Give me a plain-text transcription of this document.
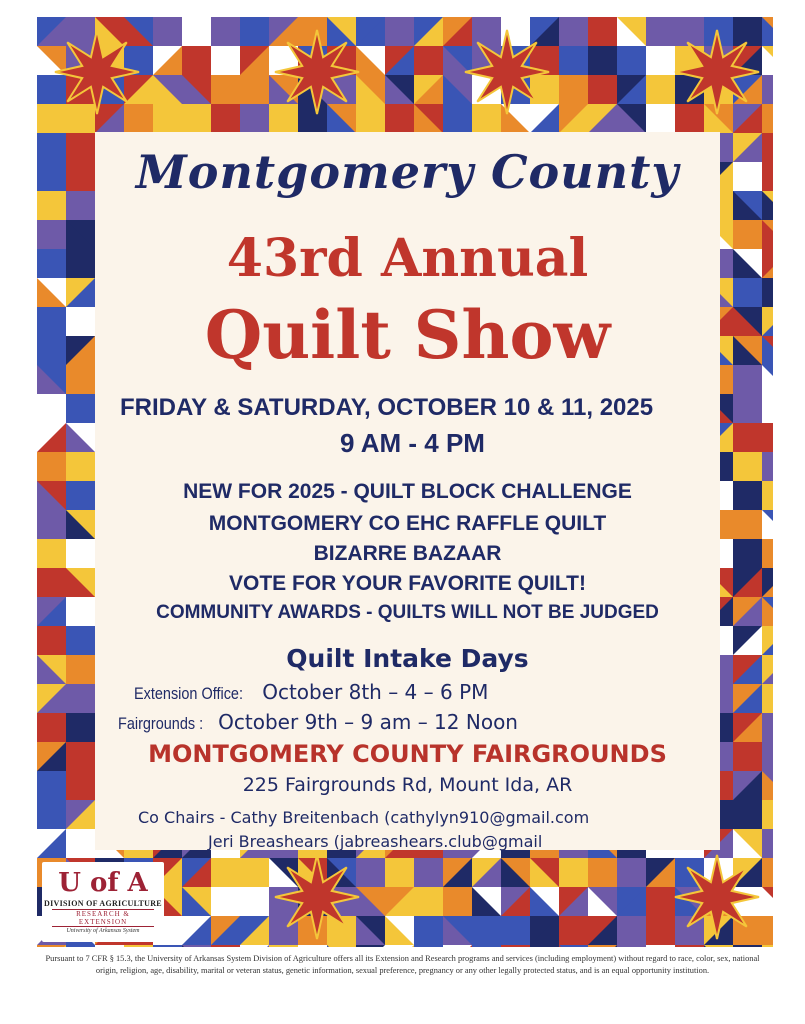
Montgomery County
43rd Annual
Quilt Show

FRIDAY & SATURDAY, OCTOBER 10 & 11, 2025

9 AM - 4 PM

NEW FOR 2025 - QUILT BLOCK CHALLENGE

MONTGOMERY CO EHC RAFFLE QUILT

BIZARRE BAZAAR

VOTE FOR YOUR FAVORITE QUILT!

COMMUNITY AWARDS - QUILTS WILL NOT BE JUDGED

Quilt Intake Days

Extension Office: October 8th – 4 – 6 PM
Fairgrounds : October 9th – 9 am – 12 Noon

MONTGOMERY COUNTY FAIRGROUNDS

225 Fairgrounds Rd, Mount Ida, AR

Co Chairs - Cathy Breitenbach (cathylyn910@gmail.com

Jeri Breashears (jabreashears.club@gmail

U of A
DIVISION OF AGRICULTURE
RESEARCH & EXTENSION
University of Arkansas System

Pursuant to 7 CFR § 15.3, the University of Arkansas System Division of Agriculture offers all its Extension and Research programs and services (including employment) without regard to race, color, sex, national origin, religion, age, disability, marital or veteran status, genetic information, sexual preference, pregnancy or any other legally protected status, and is an equal opportunity institution.
